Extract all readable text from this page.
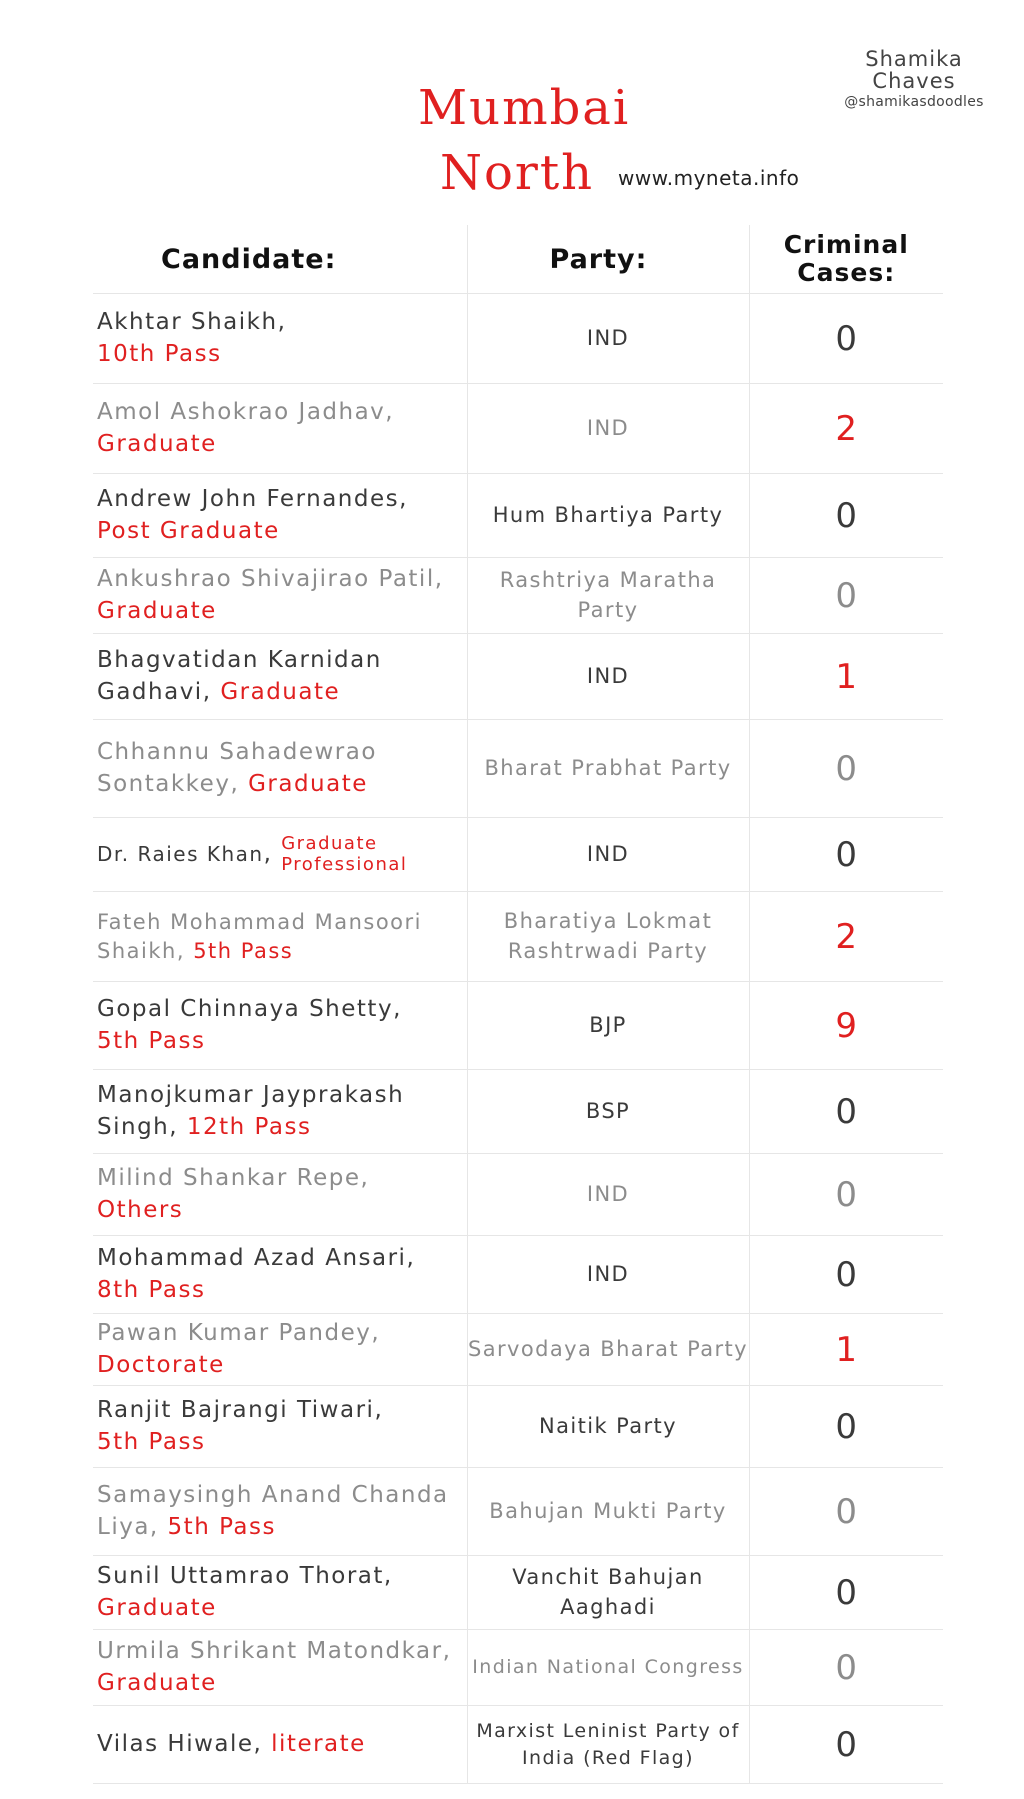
Shamika
Chaves
@shamikasdoodles
Mumbai
North www.myneta.info
Candidate:	Party:	Criminal
Cases:
Akhtar Shaikh,
10th Pass	IND	0
Amol Ashokrao Jadhav, Graduate	IND	2
Andrew John Fernandes,
Post Graduate	Hum Bhartiya Party	0
Ankushrao Shivajirao Patil,
Graduate	Rashtriya Maratha Party	0
Bhagvatidan Karnidan Gadhavi, Graduate	IND	1
Chhannu Sahadewrao Sontakkey, Graduate	Bharat Prabhat Party	0
Dr. Raies Khan, Graduate Professional	IND	0
Fateh Mohammad Mansoori Shaikh, 5th Pass	Bharatiya Lokmat Rashtrwadi Party	2
Gopal Chinnaya Shetty,
5th Pass	BJP	9
Manojkumar Jayprakash Singh, 12th Pass	BSP	0
Milind Shankar Repe,
Others	IND	0
Mohammad Azad Ansari, 8th Pass	IND	0
Pawan Kumar Pandey,
Doctorate	Sarvodaya Bharat Party	1
Ranjit Bajrangi Tiwari,
5th Pass	Naitik Party	0
Samaysingh Anand Chanda Liya, 5th Pass	Bahujan Mukti Party	0
Sunil Uttamrao Thorat,
Graduate	Vanchit Bahujan Aaghadi	0
Urmila Shrikant Matondkar, Graduate	Indian National Congress	0
Vilas Hiwale, literate	Marxist Leninist Party of India (Red Flag)	0
